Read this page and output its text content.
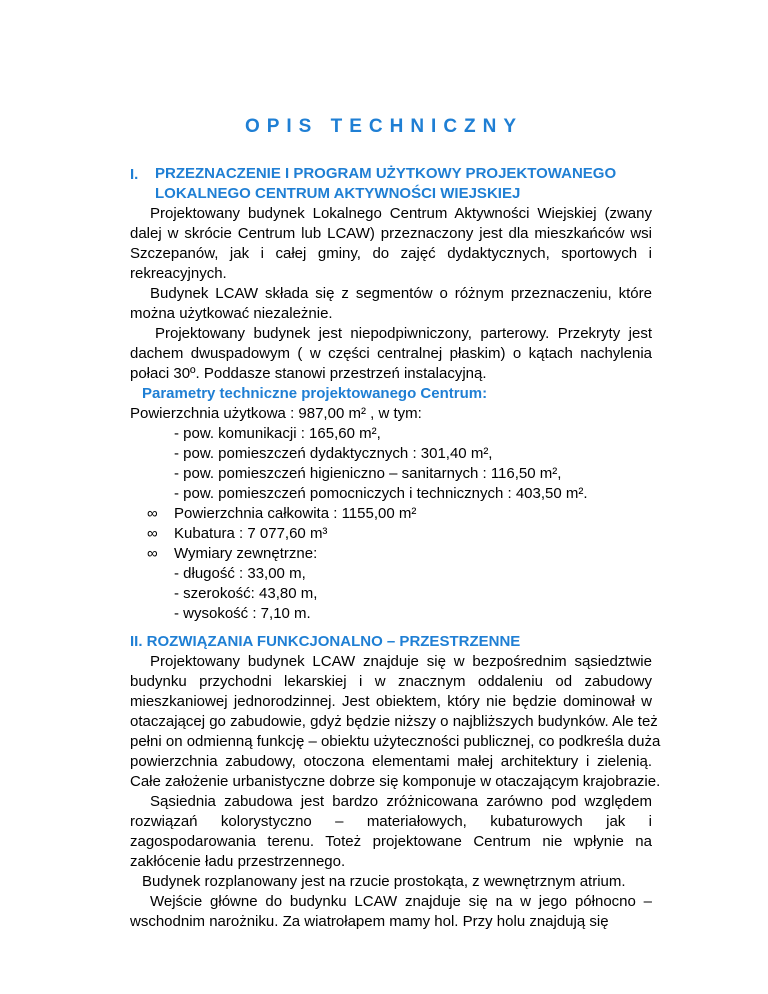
OPIS TECHNICZNY
I. PRZEZNACZENIE I PROGRAM UŻYTKOWY PROJEKTOWANEGO
LOKALNEGO CENTRUM AKTYWNOŚCI WIEJSKIEJ
Projektowany budynek Lokalnego Centrum Aktywności Wiejskiej (zwany
dalej w skrócie Centrum lub LCAW) przeznaczony jest dla mieszkańców wsi
Szczepanów, jak i całej gminy, do zajęć dydaktycznych, sportowych i
rekreacyjnych.
Budynek LCAW składa się z segmentów o różnym przeznaczeniu, które
można użytkować niezależnie.
Projektowany budynek jest niepodpiwniczony, parterowy. Przekryty jest
dachem dwuspadowym ( w części centralnej płaskim) o kątach nachylenia
połaci 30º. Poddasze stanowi przestrzeń instalacyjną.
Parametry techniczne projektowanego Centrum:
Powierzchnia użytkowa : 987,00 m² , w tym:
- pow. komunikacji : 165,60 m²,
- pow. pomieszczeń dydaktycznych : 301,40 m²,
- pow. pomieszczeń higieniczno – sanitarnych : 116,50 m²,
- pow. pomieszczeń pomocniczych i technicznych : 403,50 m².
∞	Powierzchnia całkowita : 1155,00 m²
∞	Kubatura : 7 077,60 m³
∞	Wymiary zewnętrzne:
- długość : 33,00 m,
- szerokość: 43,80 m,
- wysokość : 7,10 m.
II. ROZWIĄZANIA FUNKCJONALNO – PRZESTRZENNE
Projektowany budynek LCAW znajduje się w bezpośrednim sąsiedztwie
budynku przychodni lekarskiej i w znacznym oddaleniu od zabudowy
mieszkaniowej jednorodzinnej. Jest obiektem, który nie będzie dominował w
otaczającej go zabudowie, gdyż będzie niższy o najbliższych budynków. Ale też
pełni on odmienną funkcję – obiektu użyteczności publicznej, co podkreśla duża
powierzchnia zabudowy, otoczona elementami małej architektury i zielenią.
Całe założenie urbanistyczne dobrze się komponuje w otaczającym krajobrazie.
Sąsiednia zabudowa jest bardzo zróżnicowana zarówno pod względem
rozwiązań kolorystyczno – materiałowych, kubaturowych jak i
zagospodarowania terenu. Toteż projektowane Centrum nie wpłynie na
zakłócenie ładu przestrzennego.
Budynek rozplanowany jest na rzucie prostokąta, z wewnętrznym atrium.
Wejście główne do budynku LCAW znajduje się na w jego północno –
wschodnim narożniku. Za wiatrołapem mamy hol. Przy holu znajdują się
